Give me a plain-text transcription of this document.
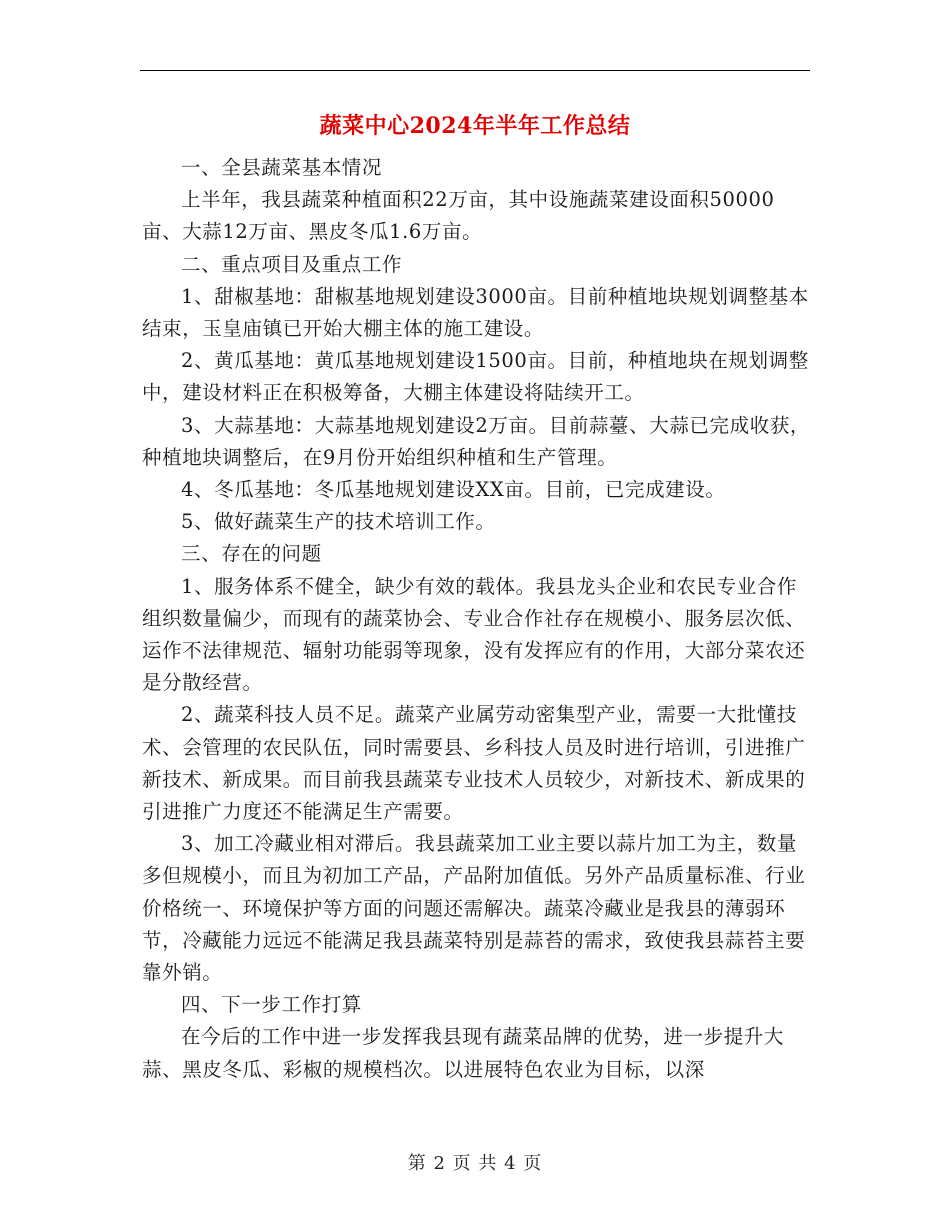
蔬菜中心2024年半年工作总结

一、全县蔬菜基本情况

上半年，我县蔬菜种植面积22万亩，其中设施蔬菜建设面积50000亩、大蒜12万亩、黑皮冬瓜1.6万亩。

二、重点项目及重点工作

1、甜椒基地：甜椒基地规划建设3000亩。目前种植地块规划调整基本结束，玉皇庙镇已开始大棚主体的施工建设。

2、黄瓜基地：黄瓜基地规划建设1500亩。目前，种植地块在规划调整中，建设材料正在积极筹备，大棚主体建设将陆续开工。

3、大蒜基地：大蒜基地规划建设2万亩。目前蒜薹、大蒜已完成收获，种植地块调整后，在9月份开始组织种植和生产管理。

4、冬瓜基地：冬瓜基地规划建设XX亩。目前，已完成建设。

5、做好蔬菜生产的技术培训工作。

三、存在的问题

1、服务体系不健全，缺少有效的载体。我县龙头企业和农民专业合作组织数量偏少，而现有的蔬菜协会、专业合作社存在规模小、服务层次低、运作不法律规范、辐射功能弱等现象，没有发挥应有的作用，大部分菜农还是分散经营。

2、蔬菜科技人员不足。蔬菜产业属劳动密集型产业，需要一大批懂技术、会管理的农民队伍，同时需要县、乡科技人员及时进行培训，引进推广新技术、新成果。而目前我县蔬菜专业技术人员较少，对新技术、新成果的引进推广力度还不能满足生产需要。

3、加工冷藏业相对滞后。我县蔬菜加工业主要以蒜片加工为主，数量多但规模小，而且为初加工产品，产品附加值低。另外产品质量标准、行业价格统一、环境保护等方面的问题还需解决。蔬菜冷藏业是我县的薄弱环节，冷藏能力远远不能满足我县蔬菜特别是蒜苔的需求，致使我县蒜苔主要靠外销。

四、下一步工作打算

在今后的工作中进一步发挥我县现有蔬菜品牌的优势，进一步提升大蒜、黑皮冬瓜、彩椒的规模档次。以进展特色农业为目标，以深

第 2 页 共 4 页
